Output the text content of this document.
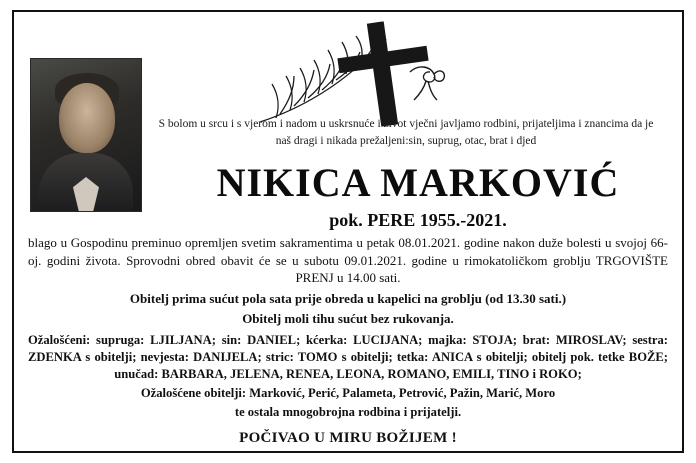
S bolom u srcu i s vjerom i nadom u uskrsnuće i život vječni javljamo rodbini, prijateljima i znancima da je naš dragi i nikada prežaljeni:sin, suprug, otac, brat i djed

NIKICA MARKOVIĆ
pok. PERE 1955.-2021.

blago u Gospodinu preminuo opremljen svetim sakramentima u petak 08.01.2021. godine nakon duže bolesti u svojoj 66-oj. godini života. Sprovodni obred obavit će se u subotu 09.01.2021. godine u rimokatoličkom groblju TRGOVIŠTE PRENJ u 14.00 sati.

Obitelj prima sućut pola sata prije obreda u kapelici na groblju (od 13.30 sati.)

Obitelj moli tihu sućut bez rukovanja.

Ožalošćeni: supruga: LJILJANA; sin: DANIEL; kćerka: LUCIJANA; majka: STOJA; brat: MIROSLAV; sestra: ZDENKA s obitelji; nevjesta: DANIJELA; stric: TOMO s obitelji; tetka: ANICA s obitelji; obitelj pok. tetke BOŽE; unučad: BARBARA, JELENA, RENEA, LEONA, ROMANO, EMILI, TINO i ROKO;

Ožalošćene obitelji: Marković, Perić, Palameta, Petrović, Pažin, Marić, Moro

te ostala mnogobrojna rodbina i prijatelji.

POČIVAO U MIRU BOŽIJEM !
